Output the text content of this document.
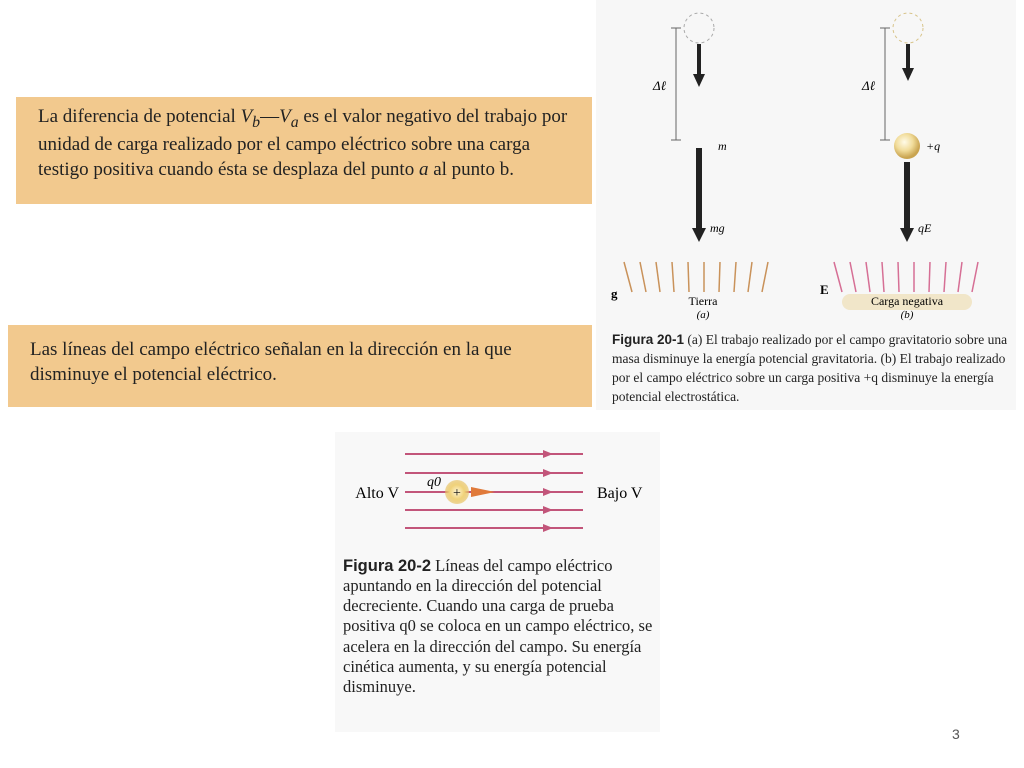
La diferencia de potencial $V_b—V_a$ es el valor negativo del trabajo por unidad de carga realizado por el campo eléctrico sobre una carga testigo positiva cuando ésta se desplaza del punto a al punto b.
Las líneas del campo eléctrico señalan en la dirección en la que disminuye el potencial eléctrico.
Δℓ
m
mg
g	Tierra
(a)
Δℓ
+q
qE
E
Carga negativa
(b)
Figura 20-1 (a) El trabajo realizado por el campo gravitatorio sobre una masa disminuye la energía potencial gravitatoria. (b) El trabajo realizado por el campo eléctrico sobre un carga positiva +q disminuye la energía potencial electrostática.
+
q0
Alto V	Bajo V
Figura 20-2 Líneas del campo eléctrico apuntando en la dirección del potencial decreciente. Cuando una carga de prueba positiva q0 se coloca en un campo eléctrico, se acelera en la dirección del campo. Su energía cinética aumenta, y su energía potencial disminuye.
3
